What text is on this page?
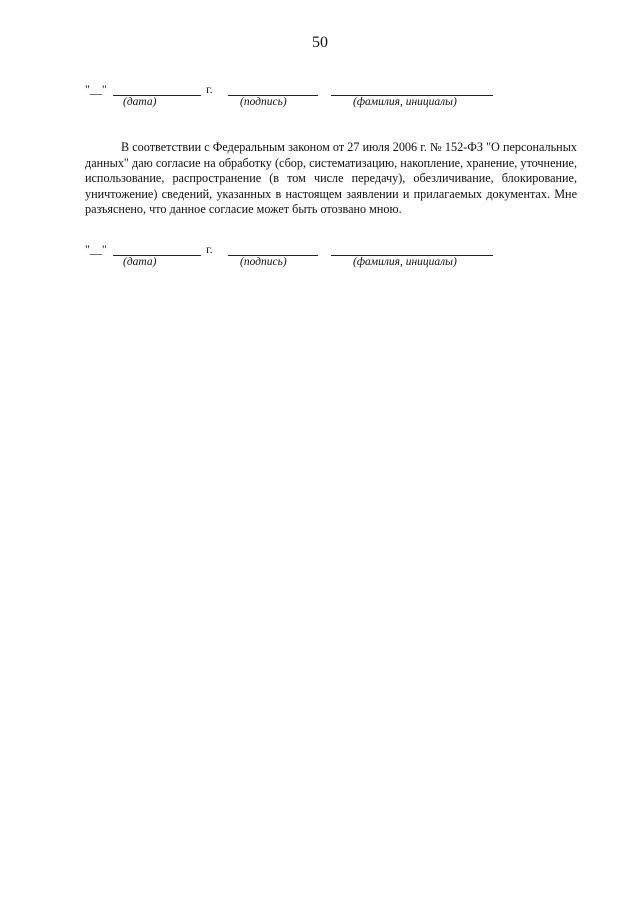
50
"__"	г.
(дата)	(подпись)	(фамилия, инициалы)

В соответствии с Федеральным законом от 27 июля 2006 г. № 152-ФЗ "О персональных данных" даю согласие на обработку (сбор, систематизацию, накопление, хранение, уточнение, использование, распространение (в том числе передачу), обезличивание, блокирование, уничтожение) сведений, указанных в настоящем заявлении и прилагаемых документах. Мне разъяснено, что данное согласие может быть отозвано мною.

"__"	г.
(дата)	(подпись)	(фамилия, инициалы)
